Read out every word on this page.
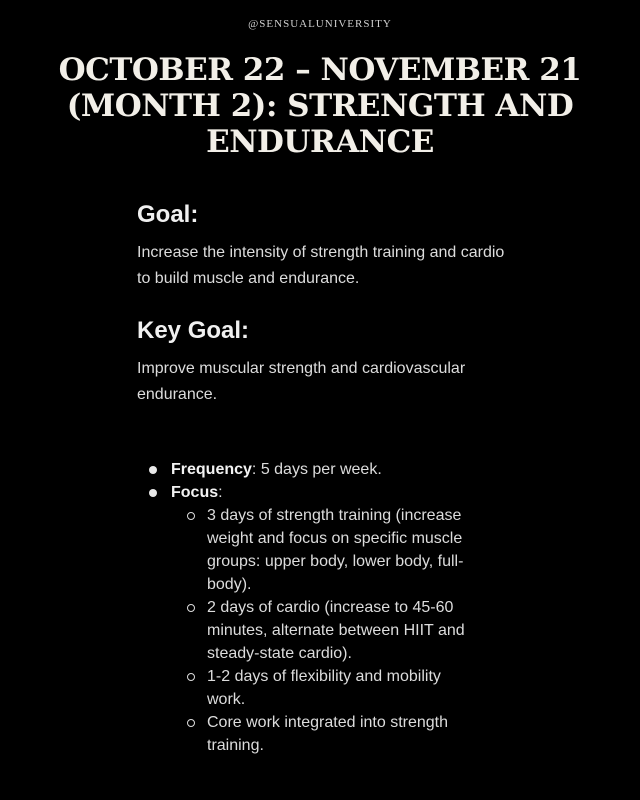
@SENSUALUNIVERSITY
OCTOBER 22 – NOVEMBER 21
(MONTH 2): STRENGTH AND
ENDURANCE
Goal:

Increase the intensity of strength training and cardio to build muscle and endurance.

Key Goal:

Improve muscular strength and cardiovascular endurance.

Frequency: 5 days per week.
Focus:
3 days of strength training (increase weight and focus on specific muscle groups: upper body, lower body, full-body).
2 days of cardio (increase to 45-60 minutes, alternate between HIIT and steady-state cardio).
1-2 days of flexibility and mobility work.
Core work integrated into strength training.
